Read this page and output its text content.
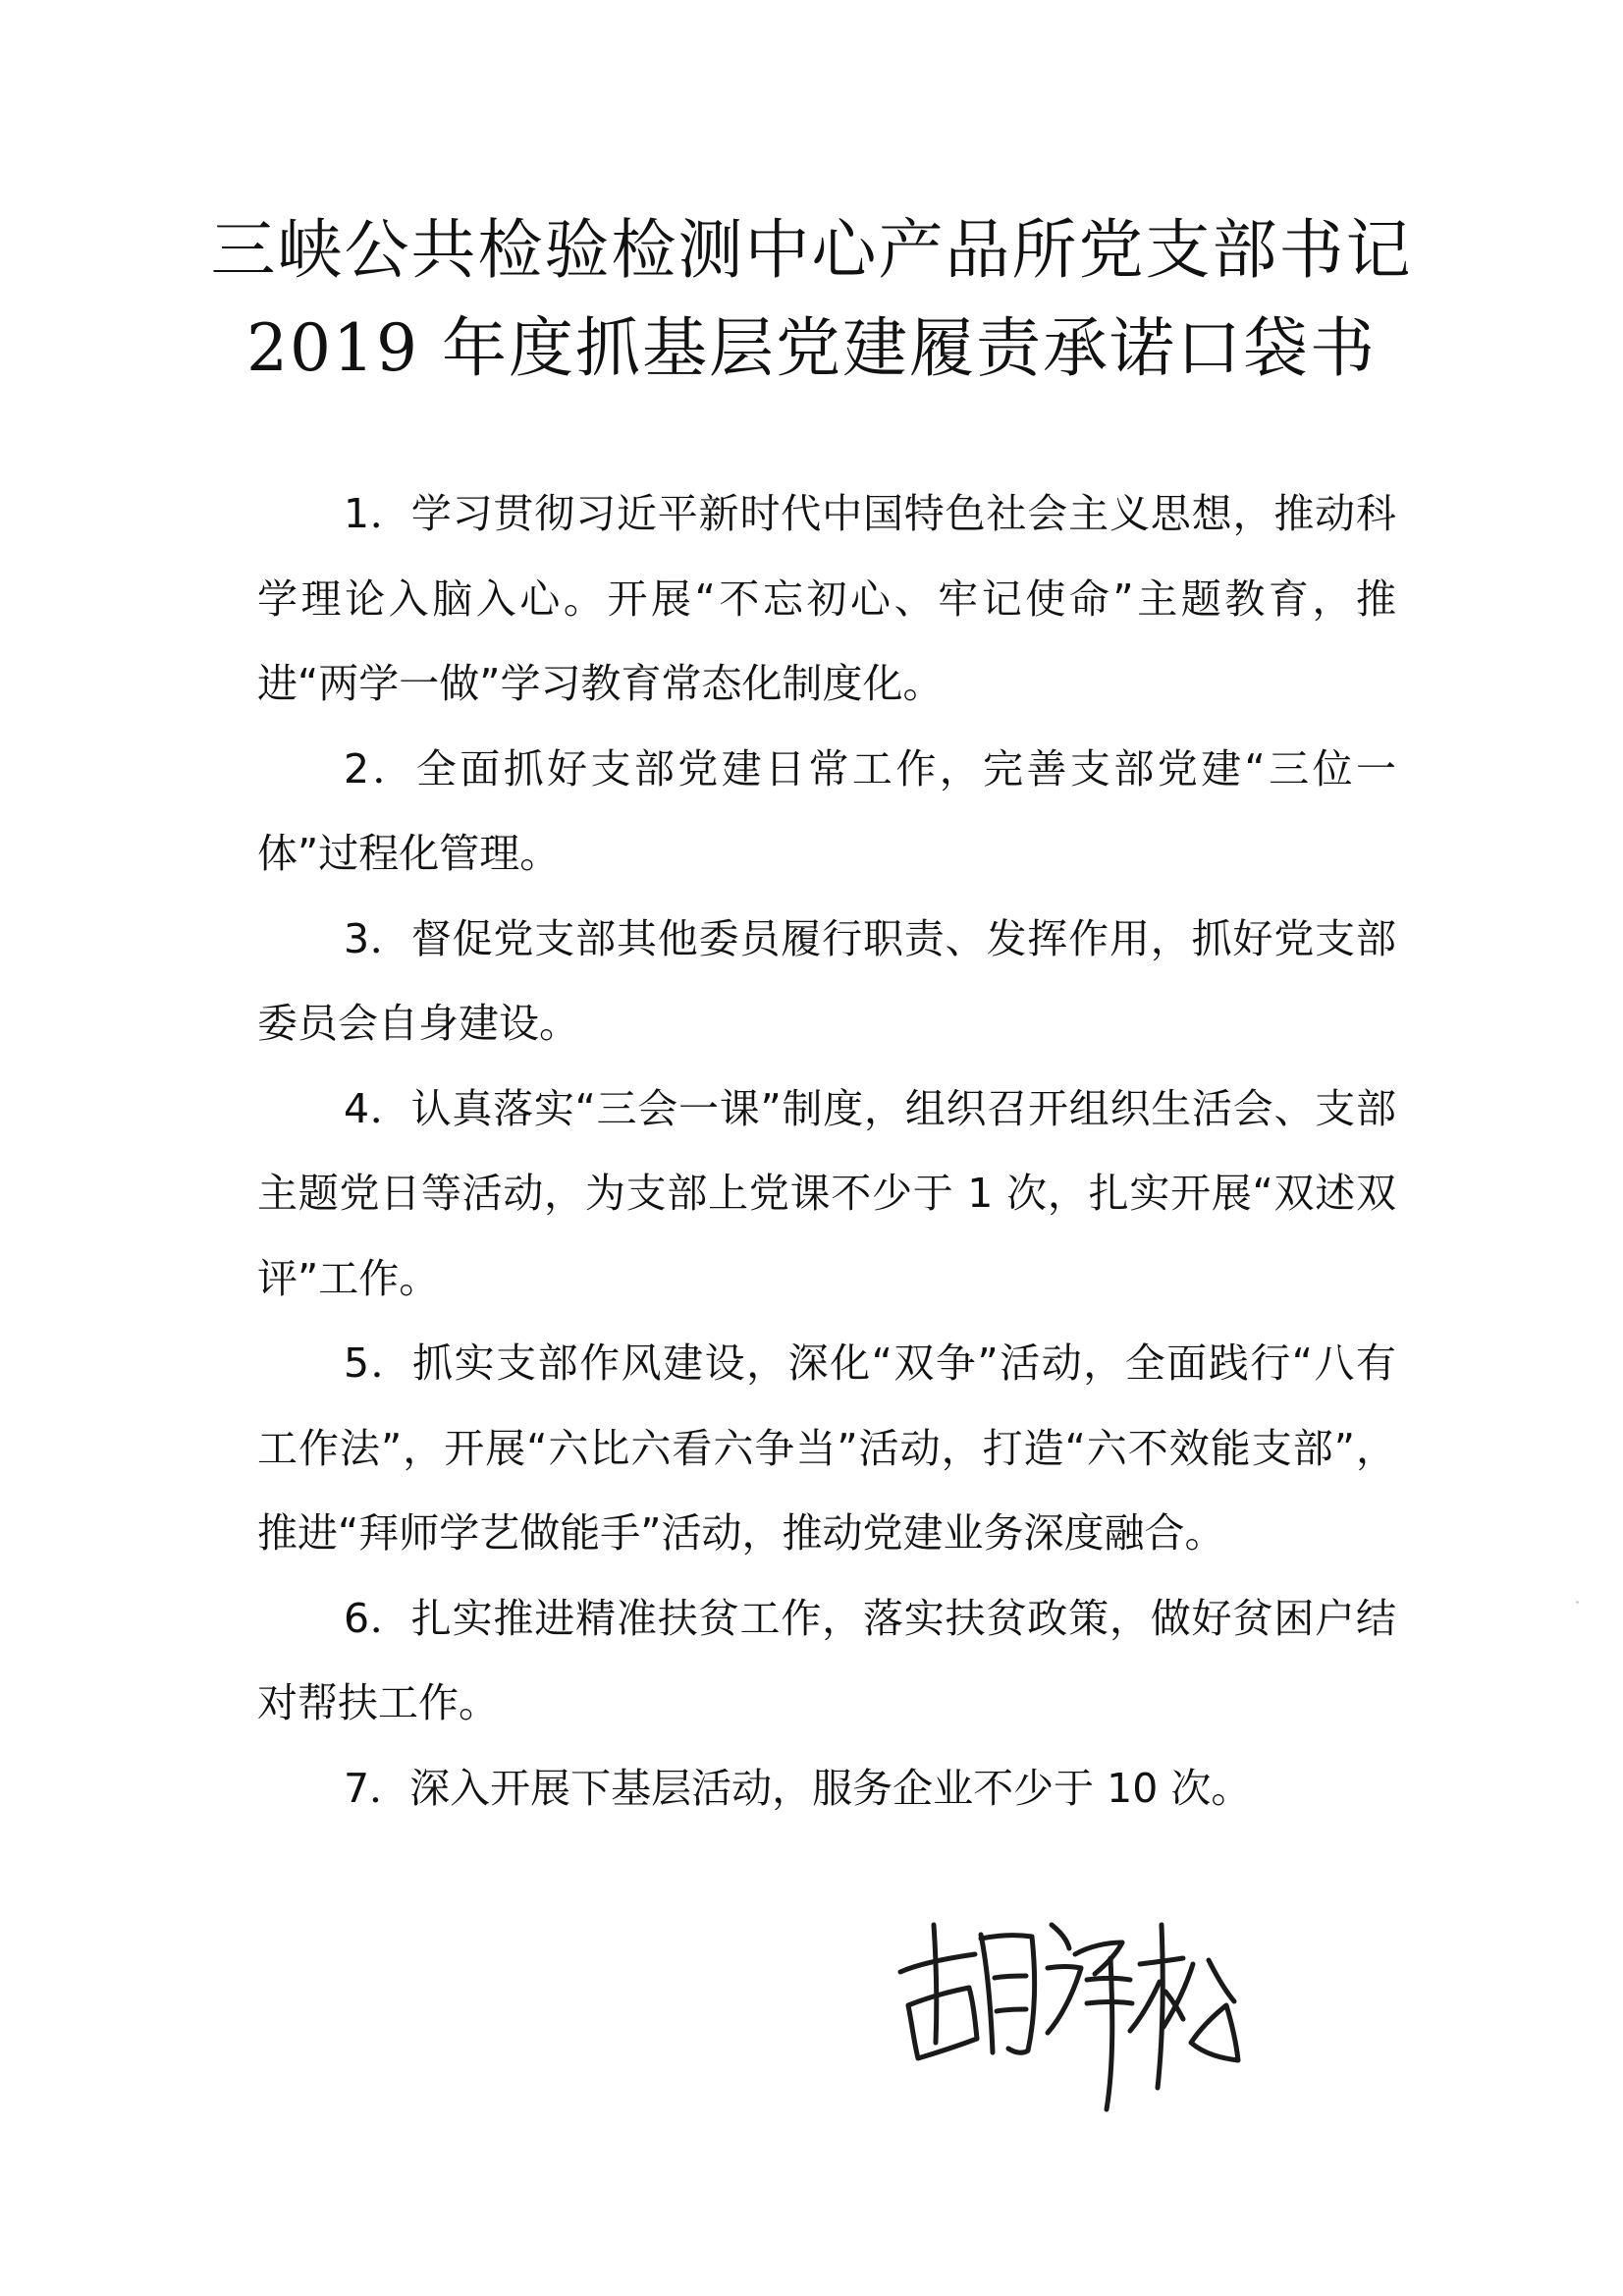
三峡公共检验检测中心产品所党支部书记
2019 年度抓基层党建履责承诺口袋书

1．学习贯彻习近平新时代中国特色社会主义思想，推动科学理论入脑入心。开展“不忘初心、牢记使命”主题教育，推进“两学一做”学习教育常态化制度化。

2．全面抓好支部党建日常工作，完善支部党建“三位一体”过程化管理。

3．督促党支部其他委员履行职责、发挥作用，抓好党支部委员会自身建设。

4．认真落实“三会一课”制度，组织召开组织生活会、支部主题党日等活动，为支部上党课不少于 1 次，扎实开展“双述双评”工作。

5．抓实支部作风建设，深化“双争”活动，全面践行“八有工作法”，开展“六比六看六争当”活动，打造“六不效能支部”，推进“拜师学艺做能手”活动，推动党建业务深度融合。

6．扎实推进精准扶贫工作，落实扶贫政策，做好贫困户结对帮扶工作。

7．深入开展下基层活动，服务企业不少于 10 次。
